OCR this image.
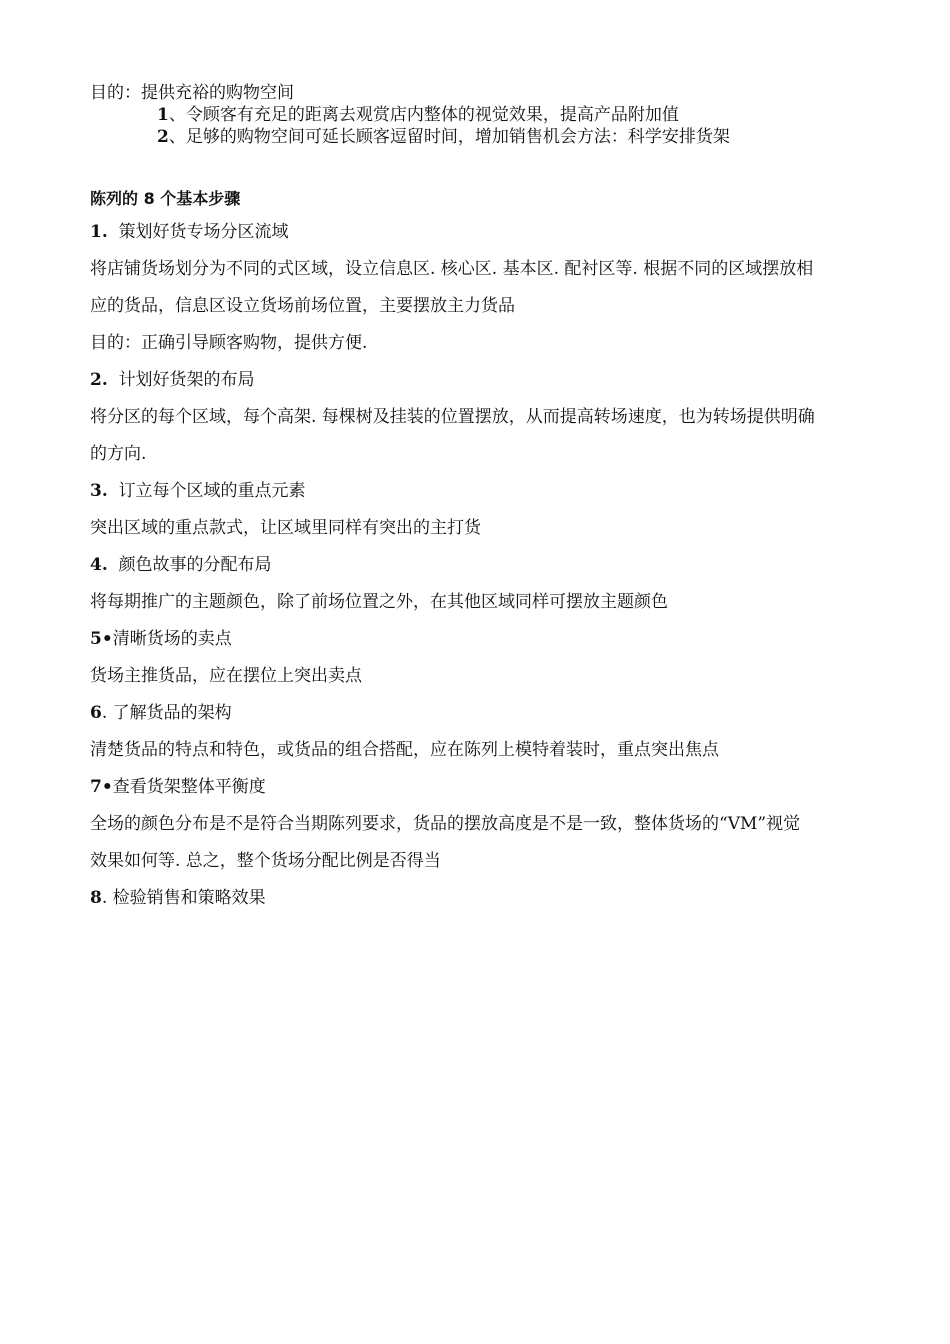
目的：提供充裕的购物空间
1、令顾客有充足的距离去观赏店内整体的视觉效果，提高产品附加值
2、足够的购物空间可延长顾客逗留时间，增加销售机会方法：科学安排货架
陈列的 8 个基本步骤
1. 策划好货专场分区流域
将店铺货场划分为不同的式区域，设立信息区. 核心区. 基本区. 配衬区等. 根据不同的区域摆放相
应的货品，信息区设立货场前场位置，主要摆放主力货品
目的：正确引导顾客购物，提供方便.
2. 计划好货架的布局
将分区的每个区域，每个高架. 每棵树及挂装的位置摆放，从而提高转场速度，也为转场提供明确
的方向.
3. 订立每个区域的重点元素
突出区域的重点款式，让区域里同样有突出的主打货
4. 颜色故事的分配布局
将每期推广的主题颜色，除了前场位置之外，在其他区域同样可摆放主题颜色
5•清晰货场的卖点
货场主推货品，应在摆位上突出卖点
6. 了解货品的架构
清楚货品的特点和特色，或货品的组合搭配，应在陈列上模特着装时，重点突出焦点
7•查看货架整体平衡度
全场的颜色分布是不是符合当期陈列要求，货品的摆放高度是不是一致，整体货场的“VM”视觉
效果如何等. 总之，整个货场分配比例是否得当
8. 检验销售和策略效果
